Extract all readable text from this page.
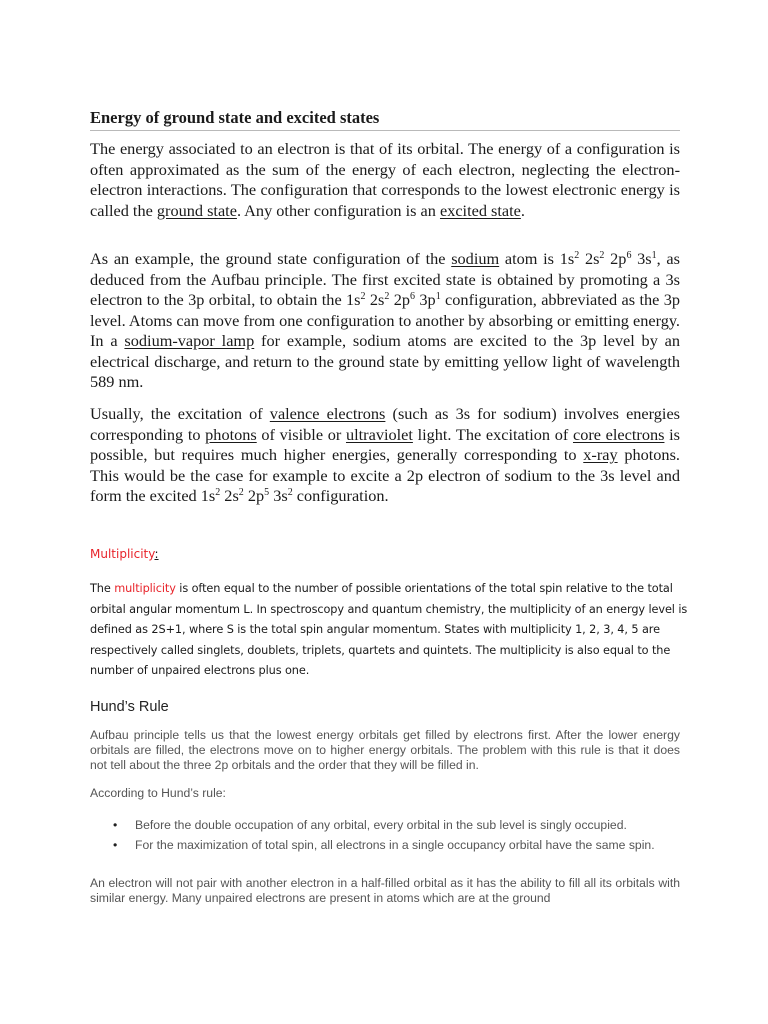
Energy of ground state and excited states

The energy associated to an electron is that of its orbital. The energy of a configuration is often approximated as the sum of the energy of each electron, neglecting the electron-electron interactions. The configuration that corresponds to the lowest electronic energy is called the ground state. Any other configuration is an excited state.

As an example, the ground state configuration of the sodium atom is $1s^2$ $2s^2$ $2p^6$ $3s^1$, as deduced from the Aufbau principle. The first excited state is obtained by promoting a 3s electron to the 3p orbital, to obtain the $1s^2$ $2s^2$ $2p^6$ $3p^1$ configuration, abbreviated as the 3p level. Atoms can move from one configuration to another by absorbing or emitting energy. In a sodium-vapor lamp for example, sodium atoms are excited to the 3p level by an electrical discharge, and return to the ground state by emitting yellow light of wavelength 589 nm.

Usually, the excitation of valence electrons (such as 3s for sodium) involves energies corresponding to photons of visible or ultraviolet light. The excitation of core electrons is possible, but requires much higher energies, generally corresponding to x-ray photons. This would be the case for example to excite a 2p electron of sodium to the 3s level and form the excited $1s^2$ $2s^2$ $2p^5$ $3s^2$ configuration.

Multiplicity:

The multiplicity is often equal to the number of possible orientations of the total spin relative to the total orbital angular momentum L. In spectroscopy and quantum chemistry, the multiplicity of an energy level is defined as 2S+1, where S is the total spin angular momentum. States with multiplicity 1, 2, 3, 4, 5 are respectively called singlets, doublets, triplets, quartets and quintets. The multiplicity is also equal to the number of unpaired electrons plus one.

Hund’s Rule

Aufbau principle tells us that the lowest energy orbitals get filled by electrons first. After the lower energy orbitals are filled, the electrons move on to higher energy orbitals. The problem with this rule is that it does not tell about the three 2p orbitals and the order that they will be filled in.

According to Hund’s rule:

• Before the double occupation of any orbital, every orbital in the sub level is singly occupied.
• For the maximization of total spin, all electrons in a single occupancy orbital have the same spin.

An electron will not pair with another electron in a half-filled orbital as it has the ability to fill all its orbitals with similar energy. Many unpaired electrons are present in atoms which are at the ground
